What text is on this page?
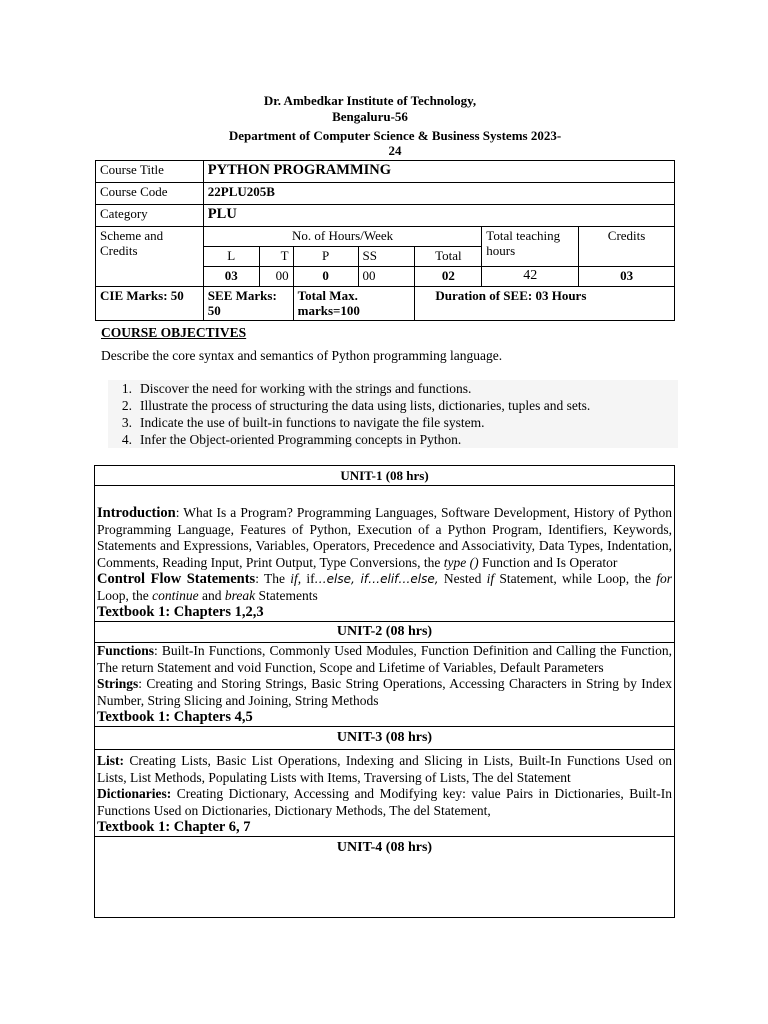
Dr. Ambedkar Institute of Technology,
Bengaluru-56
Department of Computer Science & Business Systems 2023-
24
Course Title	PYTHON PROGRAMMING						
Course Code	22PLU205B						
Category	PLU						
Scheme and Credits	No. of Hours/Week					Total teaching hours	Credits
	L	T	P	SS	Total		
	03	00	0	00	02	42	03
CIE Marks: 50	SEE Marks: 50		Total Max. marks=100		Duration of SEE: 03 Hours		
COURSE OBJECTIVES
Describe the core syntax and semantics of Python programming language.
1. Discover the need for working with the strings and functions.
2. Illustrate the process of structuring the data using lists, dictionaries, tuples and sets.
3. Indicate the use of built-in functions to navigate the file system.
4. Infer the Object-oriented Programming concepts in Python.
UNIT-1 (08 hrs)
Introduction: What Is a Program? Programming Languages, Software Development, History of Python Programming Language, Features of Python, Execution of a Python Program, Identifiers, Keywords, Statements and Expressions, Variables, Operators, Precedence and Associativity, Data Types, Indentation, Comments, Reading Input, Print Output, Type Conversions, the type () Function and Is Operator
Control Flow Statements: The if, if…else, if…elif…else, Nested if Statement, while Loop, the for Loop, the continue and break Statements
Textbook 1: Chapters 1,2,3
UNIT-2 (08 hrs)
Functions: Built-In Functions, Commonly Used Modules, Function Definition and Calling the Function, The return Statement and void Function, Scope and Lifetime of Variables, Default Parameters
Strings: Creating and Storing Strings, Basic String Operations, Accessing Characters in String by Index Number, String Slicing and Joining, String Methods
Textbook 1: Chapters 4,5
UNIT-3 (08 hrs)
List: Creating Lists, Basic List Operations, Indexing and Slicing in Lists, Built-In Functions Used on Lists, List Methods, Populating Lists with Items, Traversing of Lists, The del Statement
Dictionaries: Creating Dictionary, Accessing and Modifying key: value Pairs in Dictionaries, Built-In Functions Used on Dictionaries, Dictionary Methods, The del Statement,
Textbook 1: Chapter 6, 7
UNIT-4 (08 hrs)
